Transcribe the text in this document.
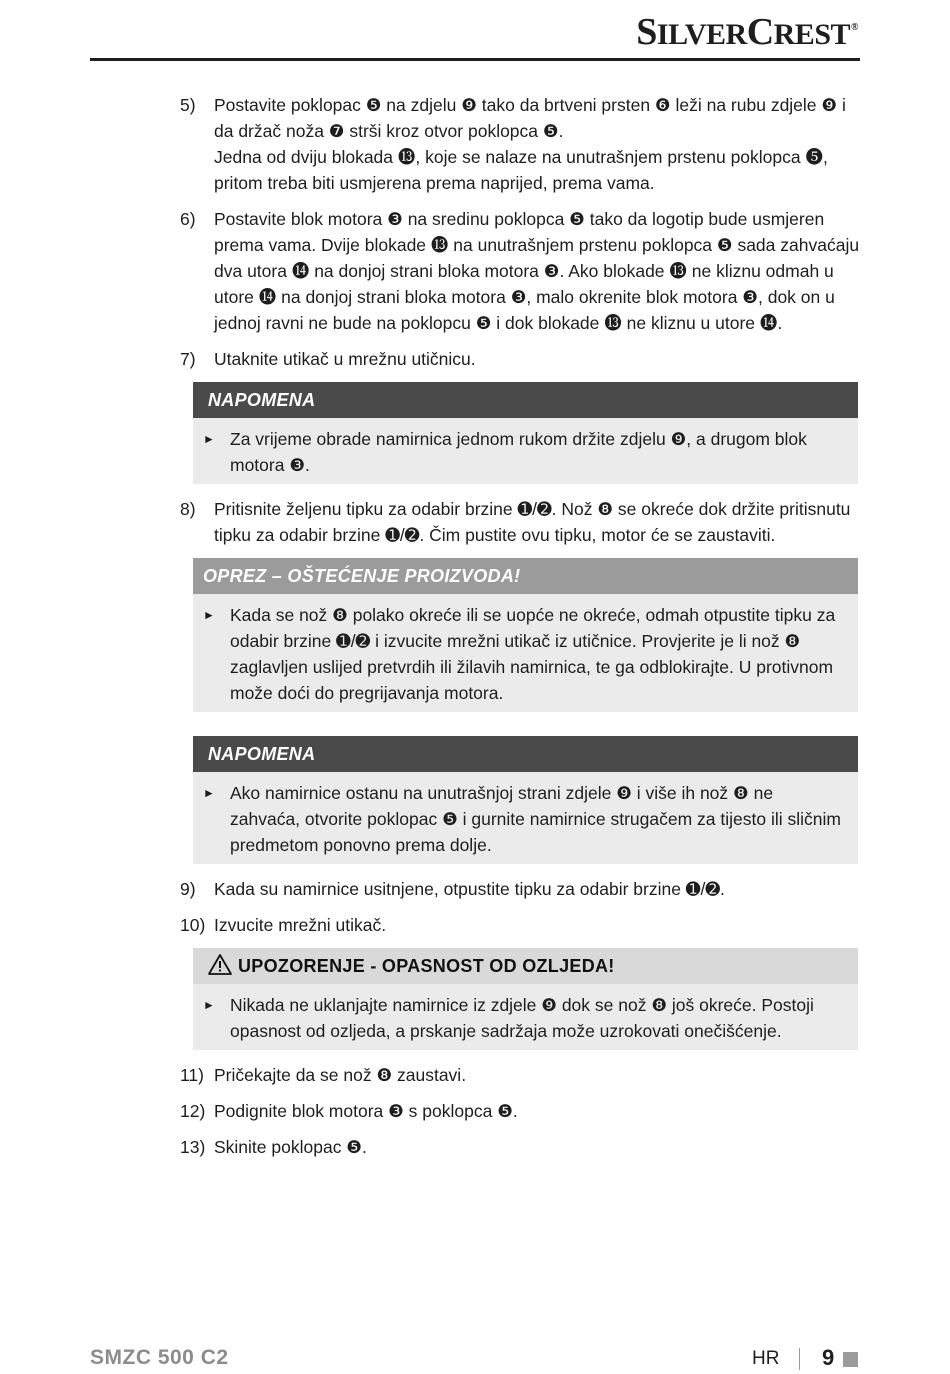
SILVERCREST®
5)	Postavite poklopac ❺ na zdjelu ❾ tako da brtveni prsten ❻ leži na rubu zdjele ❾ i da držač noža ❼ strši kroz otvor poklopca ❺.
Jedna od dviju blokada ⓭, koje se nalaze na unutrašnjem prstenu poklopca ❺, pritom treba biti usmjerena prema naprijed, prema vama.
6)	Postavite blok motora ❸ na sredinu poklopca ❺ tako da logotip bude usmjeren prema vama. Dvije blokade ⓭ na unutrašnjem prstenu poklopca ❺ sada zahvaćaju dva utora ⓮ na donjoj strani bloka motora ❸. Ako blokade ⓭ ne kliznu odmah u utore ⓮ na donjoj strani bloka motora ❸, malo okrenite blok motora ❸, dok on u jednoj ravni ne bude na poklopcu ❺ i dok blokade ⓭ ne kliznu u utore ⓮.
7)	Utaknite utikač u mrežnu utičnicu.
NAPOMENA
► Za vrijeme obrade namirnica jednom rukom držite zdjelu ❾, a drugom blok motora ❸.
8)	Pritisnite željenu tipku za odabir brzine ➊/➋. Nož ❽ se okreće dok držite pritisnutu tipku za odabir brzine ➊/➋. Čim pustite ovu tipku, motor će se zaustaviti.
OPREZ – OŠTEĆENJE PROIZVODA!
► Kada se nož ❽ polako okreće ili se uopće ne okreće, odmah otpustite tipku za odabir brzine ➊/➋ i izvucite mrežni utikač iz utičnice. Provjerite je li nož ❽ zaglavljen uslijed pretvrdih ili žilavih namirnica, te ga odblokirajte. U protivnom može doći do pregrijavanja motora.
NAPOMENA
► Ako namirnice ostanu na unutrašnjoj strani zdjele ❾ i više ih nož ❽ ne zahvaća, otvorite poklopac ❺ i gurnite namirnice strugačem za tijesto ili sličnim predmetom ponovno prema dolje.
9)	Kada su namirnice usitnjene, otpustite tipku za odabir brzine ➊/➋.
10) Izvucite mrežni utikač.
UPOZORENJE - OPASNOST OD OZLJEDA!
► Nikada ne uklanjajte namirnice iz zdjele ❾ dok se nož ❽ još okreće. Postoji opasnost od ozljeda, a prskanje sadržaja može uzrokovati onečišćenje.
11) Pričekajte da se nož ❽ zaustavi.
12) Podignite blok motora ❸ s poklopca ❺.
13) Skinite poklopac ❺.
SMZC 500 C2	HR 9
